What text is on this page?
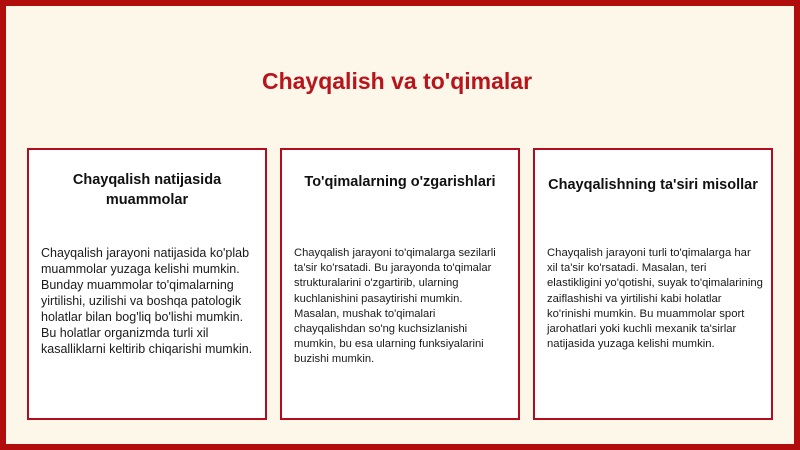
Chayqalish va to'qimalar
Chayqalish natijasida muammolar

Chayqalish jarayoni natijasida ko'plab muammolar yuzaga kelishi mumkin. Bunday muammolar to'qimalarning yirtilishi, uzilishi va boshqa patologik holatlar bilan bog'liq bo'lishi mumkin. Bu holatlar organizmda turli xil kasalliklarni keltirib chiqarishi mumkin.

To'qimalarning o'zgarishlari

Chayqalish jarayoni to'qimalarga sezilarli ta'sir ko'rsatadi. Bu jarayonda to'qimalar strukturalarini o'zgartirib, ularning kuchlanishini pasaytirishi mumkin. Masalan, mushak to'qimalari chayqalishdan so'ng kuchsizlanishi mumkin, bu esa ularning funksiyalarini buzishi mumkin.

Chayqalishning ta'siri misollar

Chayqalish jarayoni turli to'qimalarga har xil ta'sir ko'rsatadi. Masalan, teri elastikligini yo'qotishi, suyak to'qimalarining zaiflashishi va yirtilishi kabi holatlar ko'rinishi mumkin. Bu muammolar sport jarohatlari yoki kuchli mexanik ta'sirlar natijasida yuzaga kelishi mumkin.
